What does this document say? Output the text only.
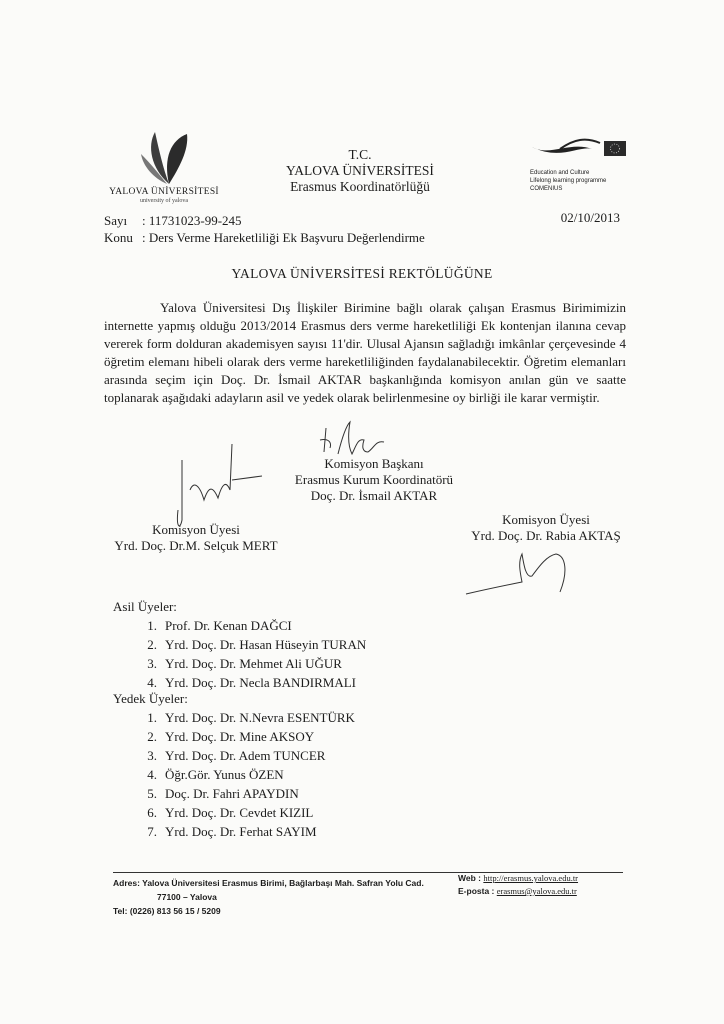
YALOVA ÜNİVERSİTESİ
university of yalova
T.C.
YALOVA ÜNİVERSİTESİ
Erasmus Koordinatörlüğü
Education and Culture
Lifelong learning programme
COMENIUS
Sayı : 11731023-99-245
Konu : Ders Verme Hareketliliği Ek Başvuru Değerlendirme
02/10/2013
YALOVA ÜNİVERSİTESİ REKTÖLÜĞÜNE

Yalova Üniversitesi Dış İlişkiler Birimine bağlı olarak çalışan Erasmus Birimimizin internette yapmış olduğu 2013/2014 Erasmus ders verme hareketliliği Ek kontenjan ilanına cevap vererek form dolduran akademisyen sayısı 11'dir. Ulusal Ajansın sağladığı imkânlar çerçevesinde 4 öğretim elemanı hibeli olarak ders verme hareketliliğinden faydalanabilecektir. Öğretim elemanları arasında seçim için Doç. Dr. İsmail AKTAR başkanlığında komisyon anılan gün ve saatte toplanarak aşağıdaki adayların asil ve yedek olarak belirlenmesine oy birliği ile karar vermiştir.

Komisyon Başkanı
Erasmus Kurum Koordinatörü
Doç. Dr. İsmail AKTAR
Komisyon Üyesi
Yrd. Doç. Dr.M. Selçuk MERT
Komisyon Üyesi
Yrd. Doç. Dr. Rabia AKTAŞ
Asil Üyeler:
1. Prof. Dr. Kenan DAĞCI
2. Yrd. Doç. Dr. Hasan Hüseyin TURAN
3. Yrd. Doç. Dr. Mehmet Ali UĞUR
4. Yrd. Doç. Dr. Necla BANDIRMALI
Yedek Üyeler:
1. Yrd. Doç. Dr. N.Nevra ESENTÜRK
2. Yrd. Doç. Dr. Mine AKSOY
3. Yrd. Doç. Dr. Adem TUNCER
4. Öğr.Gör. Yunus ÖZEN
5. Doç. Dr. Fahri APAYDIN
6. Yrd. Doç. Dr. Cevdet KIZIL
7. Yrd. Doç. Dr. Ferhat SAYIM
Adres: Yalova Üniversitesi Erasmus Birimi, Bağlarbaşı Mah. Safran Yolu Cad.
77100 – Yalova
Tel: (0226) 813 56 15 / 5209
Web : http://erasmus.yalova.edu.tr
E-posta : erasmus@yalova.edu.tr
